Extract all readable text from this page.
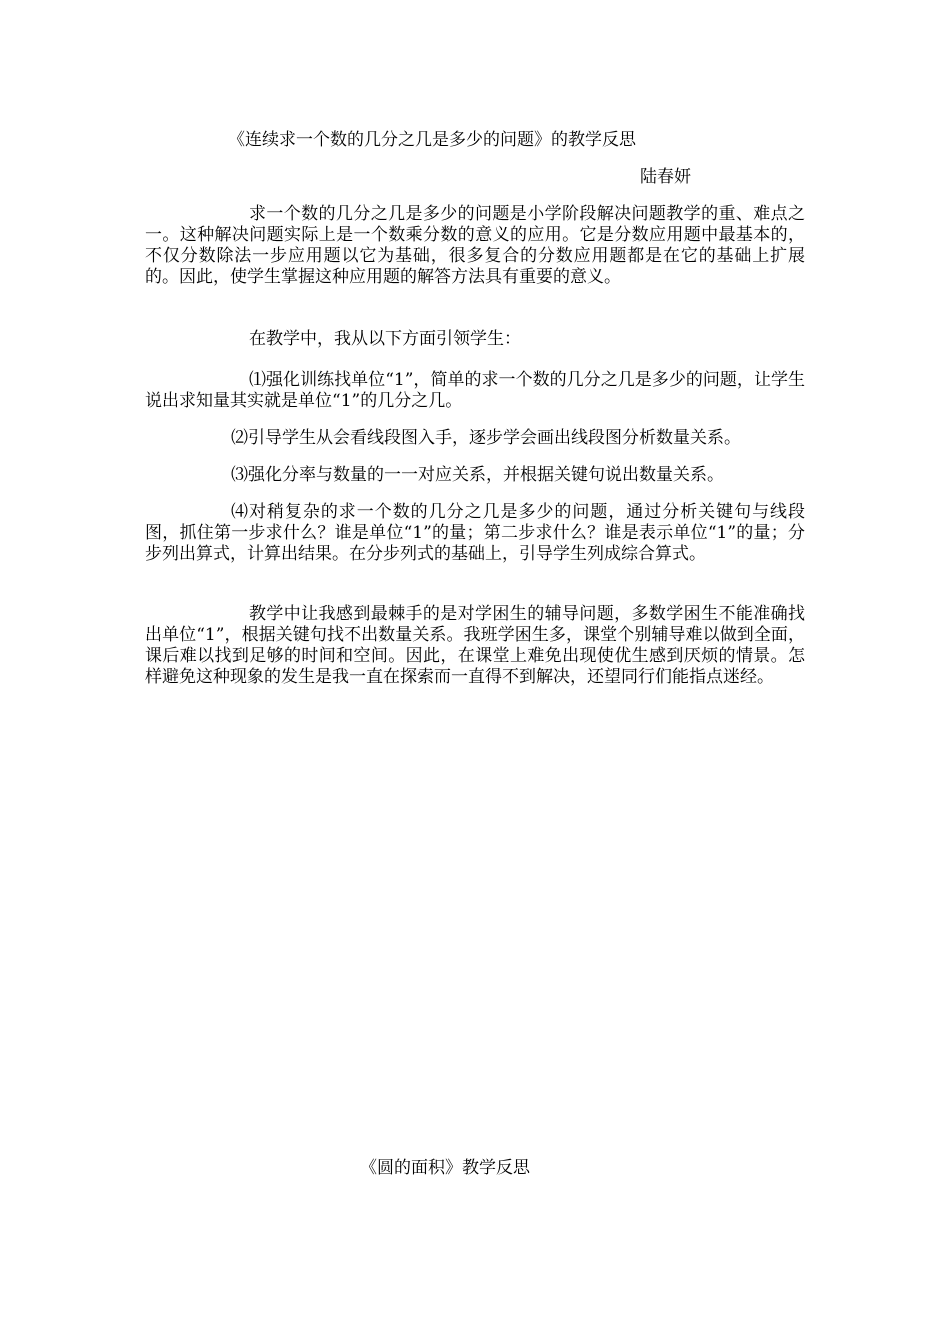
《连续求一个数的几分之几是多少的问题》的教学反思
陆春妍

求一个数的几分之几是多少的问题是小学阶段解决问题教学的重、难点之一。这种解决问题实际上是一个数乘分数的意义的应用。它是分数应用题中最基本的，不仅分数除法一步应用题以它为基础，很多复合的分数应用题都是在它的基础上扩展的。因此，使学生掌握这种应用题的解答方法具有重要的意义。

在教学中，我从以下方面引领学生：

⑴强化训练找单位“1”，简单的求一个数的几分之几是多少的问题，让学生说出求知量其实就是单位“1”的几分之几。

⑵引导学生从会看线段图入手，逐步学会画出线段图分析数量关系。

⑶强化分率与数量的一一对应关系，并根据关键句说出数量关系。

⑷对稍复杂的求一个数的几分之几是多少的问题，通过分析关键句与线段图，抓住第一步求什么？谁是单位“1”的量；第二步求什么？谁是表示单位“1”的量；分步列出算式，计算出结果。在分步列式的基础上，引导学生列成综合算式。

教学中让我感到最棘手的是对学困生的辅导问题，多数学困生不能准确找出单位“1”，根据关键句找不出数量关系。我班学困生多，课堂个别辅导难以做到全面，课后难以找到足够的时间和空间。因此，在课堂上难免出现使优生感到厌烦的情景。怎样避免这种现象的发生是我一直在探索而一直得不到解决，还望同行们能指点迷经。

《圆的面积》教学反思
